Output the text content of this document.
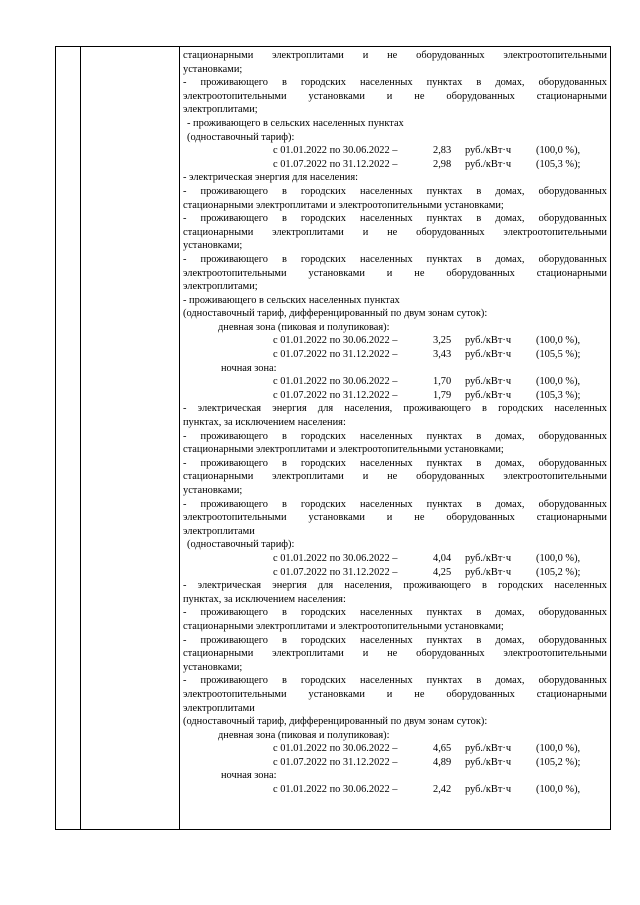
стационарными электроплитами и не оборудованных электроотопительными
установками;
- проживающего в городских населенных пунктах в домах, оборудованных
электроотопительными установками и не оборудованных стационарными
электроплитами;
- проживающего в сельских населенных пунктах
(одноставочный тариф):
с 01.01.2022 по 30.06.2022 –	2,83 руб./кВт·ч (100,0 %),
с 01.07.2022 по 31.12.2022 –	2,98 руб./кВт·ч (105,3 %);
- электрическая энергия для населения:
- проживающего в городских населенных пунктах в домах, оборудованных
стационарными электроплитами и электроотопительными установками;
- проживающего в городских населенных пунктах в домах, оборудованных
стационарными электроплитами и не оборудованных электроотопительными
установками;
- проживающего в городских населенных пунктах в домах, оборудованных
электроотопительными установками и не оборудованных стационарными
электроплитами;
- проживающего в сельских населенных пунктах
(одноставочный тариф, дифференцированный по двум зонам суток):
дневная зона (пиковая и полупиковая):
с 01.01.2022 по 30.06.2022 –	3,25 руб./кВт·ч (100,0 %),
с 01.07.2022 по 31.12.2022 –	3,43 руб./кВт·ч (105,5 %);
ночная зона:
с 01.01.2022 по 30.06.2022 –	1,70 руб./кВт·ч (100,0 %),
с 01.07.2022 по 31.12.2022 –	1,79 руб./кВт·ч (105,3 %);
- электрическая энергия для населения, проживающего в городских населенных
пунктах, за исключением населения:
- проживающего в городских населенных пунктах в домах, оборудованных
стационарными электроплитами и электроотопительными установками;
- проживающего в городских населенных пунктах в домах, оборудованных
стационарными электроплитами и не оборудованных электроотопительными
установками;
- проживающего в городских населенных пунктах в домах, оборудованных
электроотопительными установками и не оборудованных стационарными
электроплитами
(одноставочный тариф):
с 01.01.2022 по 30.06.2022 –	4,04 руб./кВт·ч (100,0 %),
с 01.07.2022 по 31.12.2022 –	4,25 руб./кВт·ч (105,2 %);
- электрическая энергия для населения, проживающего в городских населенных
пунктах, за исключением населения:
- проживающего в городских населенных пунктах в домах, оборудованных
стационарными электроплитами и электроотопительными установками;
- проживающего в городских населенных пунктах в домах, оборудованных
стационарными электроплитами и не оборудованных электроотопительными
установками;
- проживающего в городских населенных пунктах в домах, оборудованных
электроотопительными установками и не оборудованных стационарными
электроплитами
(одноставочный тариф, дифференцированный по двум зонам суток):
дневная зона (пиковая и полупиковая):
с 01.01.2022 по 30.06.2022 –	4,65 руб./кВт·ч (100,0 %),
с 01.07.2022 по 31.12.2022 –	4,89 руб./кВт·ч (105,2 %);
ночная зона:
с 01.01.2022 по 30.06.2022 –	2,42 руб./кВт·ч (100,0 %),
